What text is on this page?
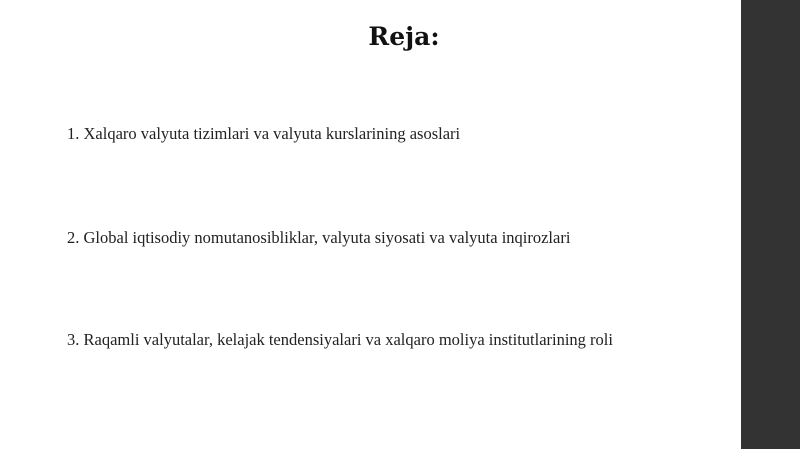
Reja:

1. Xalqaro valyuta tizimlari va valyuta kurslarining asoslari

2. Global iqtisodiy nomutanosibliklar, valyuta siyosati va valyuta inqirozlari

3. Raqamli valyutalar, kelajak tendensiyalari va xalqaro moliya institutlarining roli
